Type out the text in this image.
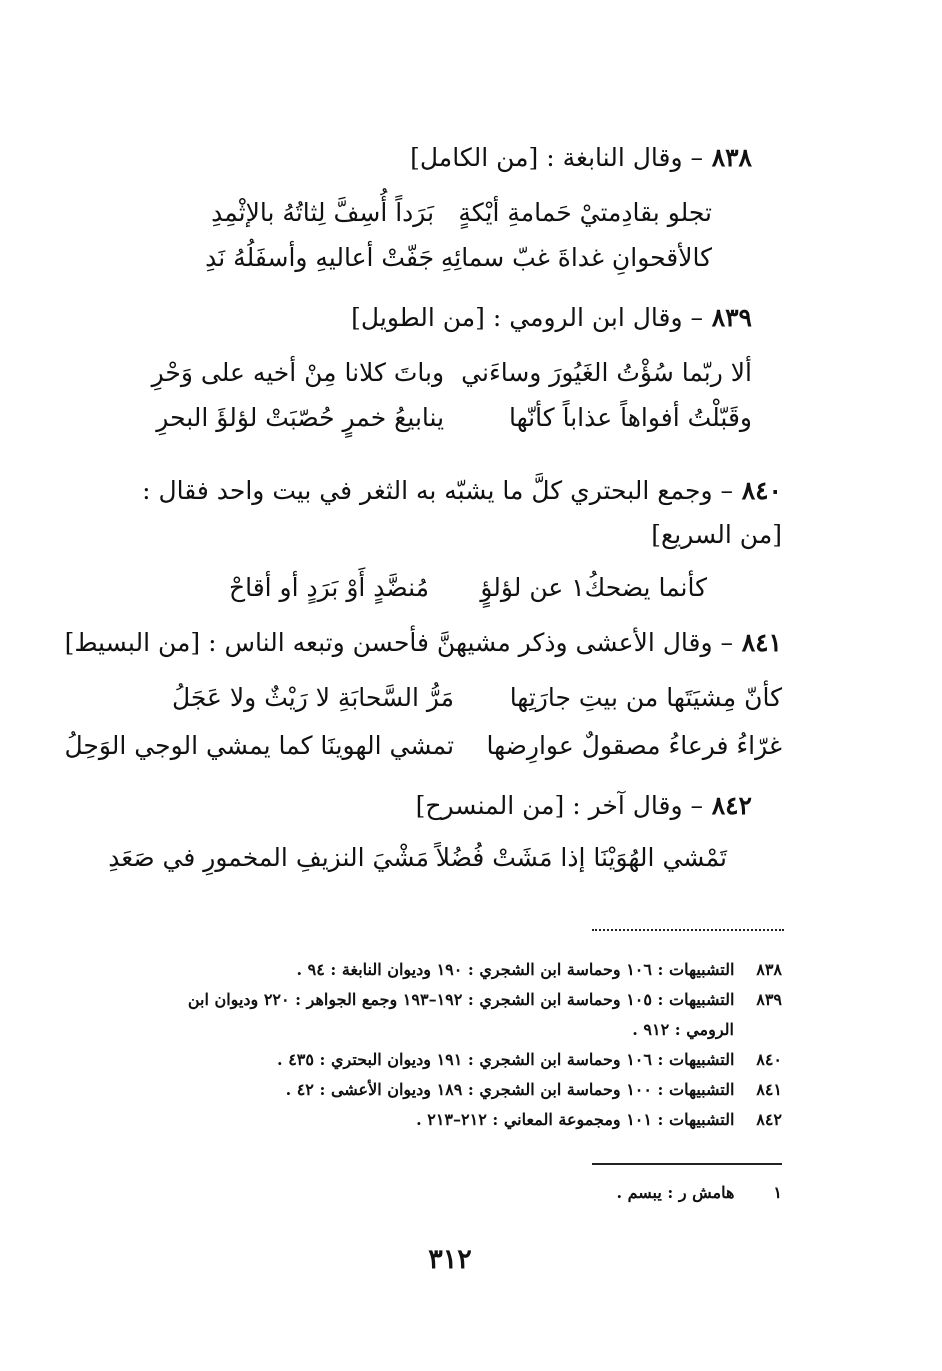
٨٣٨ – وقال النابغة : [من الكامل]
تجلو بقادِمتيْ حَمامةِ أيْكةٍ بَرَداً أُسِفَّ لِثاتُهُ بالإثْمِدِ
كالأقحوانِ غداةَ غبّ سمائِهِ جَفّتْ أعاليهِ وأسفَلُهُ نَدِ
٨٣٩ – وقال ابن الرومي : [من الطويل]
ألا ربّما سُؤْتُ الغَيُورَ وساءَني وباتَ كلانا مِنْ أخيه على وَحْرِ
وقَبّلْتُ أفواهاً عذاباً كأنّها ينابيعُ خمرٍ حُصّبَتْ لؤلؤَ البحرِ
٨٤٠ – وجمع البحتري كلَّ ما يشبّه به الثغر في بيت واحد فقال :
[من السريع]
كأنما يضحكُ١ عن لؤلؤٍ مُنضَّدٍ أَوْ بَرَدٍ أو أقاحْ
٨٤١ – وقال الأعشى وذكر مشيهنَّ فأحسن وتبعه الناس : [من البسيط]
كأنّ مِشيَتَها من بيتِ جارَتِها مَرُّ السَّحابَةِ لا رَيْثٌ ولا عَجَلُ
غرّاءُ فرعاءُ مصقولٌ عوارِضها تمشي الهوينَا كما يمشي الوجي الوَحِلُ
٨٤٢ – وقال آخر : [من المنسرح]
تَمْشي الهُوَيْنَا إذا مَشَتْ فُضُلاً مَشْيَ النزيفِ المخمورِ في صَعَدِ
٨٣٨ التشبيهات : ١٠٦ وحماسة ابن الشجري : ١٩٠ وديوان النابغة : ٩٤ .
٨٣٩ التشبيهات : ١٠٥ وحماسة ابن الشجري : ١٩٢–١٩٣ وجمع الجواهر : ٢٢٠ وديوان ابن
الرومي : ٩١٢ .
٨٤٠ التشبيهات : ١٠٦ وحماسة ابن الشجري : ١٩١ وديوان البحتري : ٤٣٥ .
٨٤١ التشبيهات : ١٠٠ وحماسة ابن الشجري : ١٨٩ وديوان الأعشى : ٤٢ .
٨٤٢ التشبيهات : ١٠١ ومجموعة المعاني : ٢١٢–٢١٣ .
١ هامش ر : يبسم .
٣١٢
